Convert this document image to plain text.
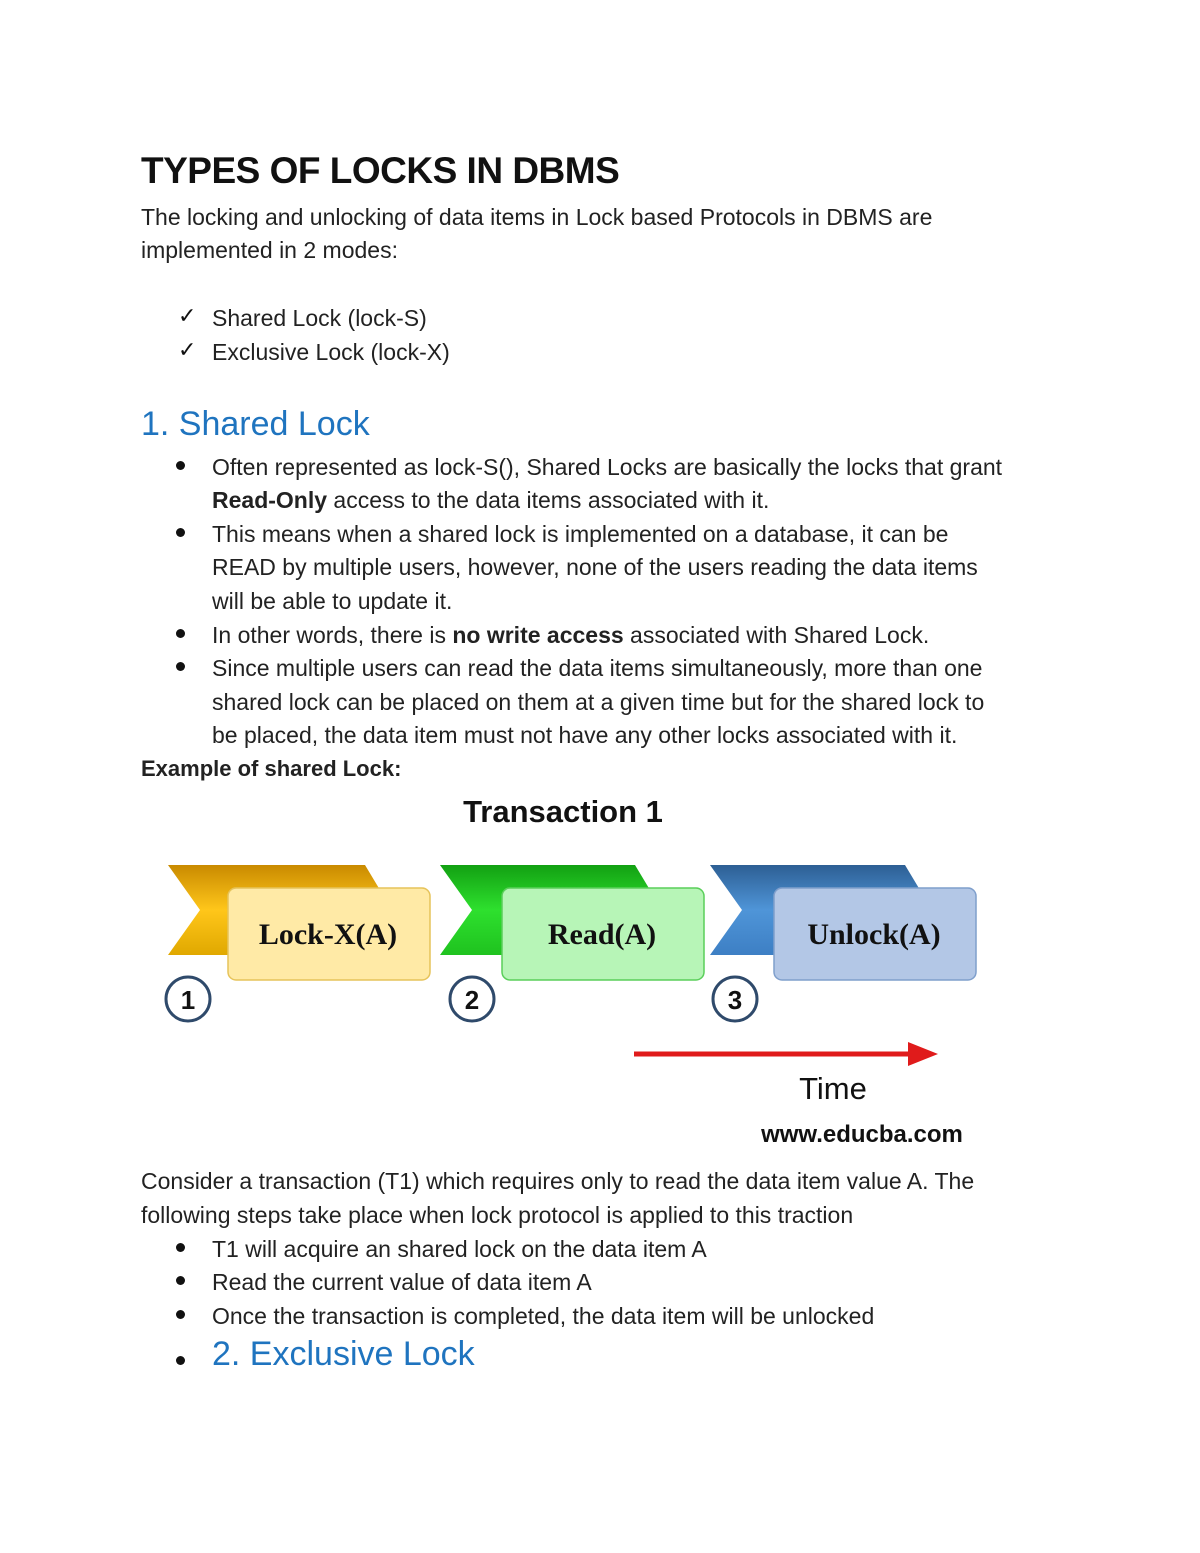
TYPES OF LOCKS IN DBMS
The locking and unlocking of data items in Lock based Protocols in DBMS are
implemented in 2 modes:
✓ Shared Lock (lock-S)
✓ Exclusive Lock (lock-X)
1. Shared Lock
Often represented as lock-S(), Shared Locks are basically the locks that grant
Read-Only access to the data items associated with it.
This means when a shared lock is implemented on a database, it can be
READ by multiple users, however, none of the users reading the data items
will be able to update it.
In other words, there is no write access associated with Shared Lock.
Since multiple users can read the data items simultaneously, more than one
shared lock can be placed on them at a given time but for the shared lock to
be placed, the data item must not have any other locks associated with it.
Example of shared Lock:
Transaction 1
Lock-X(A)
1
Read(A)
2
Unlock(A)
3
Time
www.educba.com
Consider a transaction (T1) which requires only to read the data item value A. The
following steps take place when lock protocol is applied to this traction
T1 will acquire an shared lock on the data item A
Read the current value of data item A
Once the transaction is completed, the data item will be unlocked
2. Exclusive Lock
